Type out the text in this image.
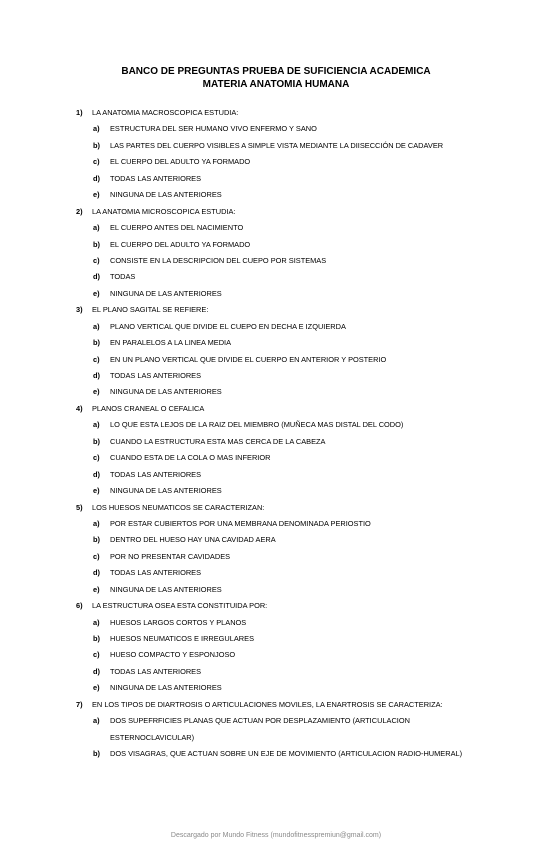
BANCO DE PREGUNTAS PRUEBA DE SUFICIENCIA ACADEMICA
MATERIA ANATOMIA HUMANA
1) LA ANATOMIA MACROSCOPICA ESTUDIA:
a) ESTRUCTURA DEL SER HUMANO VIVO ENFERMO Y SANO
b) LAS PARTES DEL CUERPO VISIBLES A SIMPLE VISTA MEDIANTE LA DIISECCIÓN DE CADAVER
c) EL CUERPO DEL ADULTO YA FORMADO
d) TODAS LAS ANTERIORES
e) NINGUNA DE LAS ANTERIORES
2) LA ANATOMIA MICROSCOPICA ESTUDIA:
a) EL CUERPO ANTES DEL NACIMIENTO
b) EL CUERPO DEL ADULTO YA FORMADO
c) CONSISTE EN LA DESCRIPCION DEL CUEPO POR SISTEMAS
d) TODAS
e) NINGUNA DE LAS ANTERIORES
3) EL PLANO SAGITAL SE REFIERE:
a) PLANO VERTICAL QUE DIVIDE EL CUEPO EN DECHA E IZQUIERDA
b) EN PARALELOS A LA LINEA MEDIA
c) EN UN PLANO VERTICAL QUE DIVIDE EL CUERPO EN ANTERIOR Y POSTERIO
d) TODAS LAS ANTERIORES
e) NINGUNA DE LAS ANTERIORES
4) PLANOS CRANEAL O CEFALICA
a) LO QUE ESTA LEJOS DE LA RAIZ DEL MIEMBRO (MUÑECA MAS DISTAL DEL CODO)
b) CUANDO LA ESTRUCTURA ESTA MAS CERCA DE LA CABEZA
c) CUANDO ESTA DE LA COLA O MAS INFERIOR
d) TODAS LAS ANTERIORES
e) NINGUNA DE LAS ANTERIORES
5) LOS HUESOS NEUMATICOS SE CARACTERIZAN:
a) POR ESTAR CUBIERTOS POR UNA MEMBRANA DENOMINADA PERIOSTIO
b) DENTRO DEL HUESO HAY UNA CAVIDAD AERA
c) POR NO PRESENTAR CAVIDADES
d) TODAS LAS ANTERIORES
e) NINGUNA DE LAS ANTERIORES
6) LA ESTRUCTURA OSEA ESTA CONSTITUIDA POR:
a) HUESOS LARGOS CORTOS Y PLANOS
b) HUESOS NEUMATICOS E IRREGULARES
c) HUESO COMPACTO Y ESPONJOSO
d) TODAS LAS ANTERIORES
e) NINGUNA DE LAS ANTERIORES
7) EN LOS TIPOS DE DIARTROSIS O ARTICULACIONES MOVILES, LA ENARTROSIS SE CARACTERIZA:
a) DOS SUPEFRFICIES PLANAS QUE ACTUAN POR DESPLAZAMIENTO (ARTICULACION
ESTERNOCLAVICULAR)
b) DOS VISAGRAS, QUE ACTUAN SOBRE UN EJE DE MOVIMIENTO (ARTICULACION RADIO-HUMERAL)
Descargado por Mundo Fitness (mundofitnesspremiun@gmail.com)
